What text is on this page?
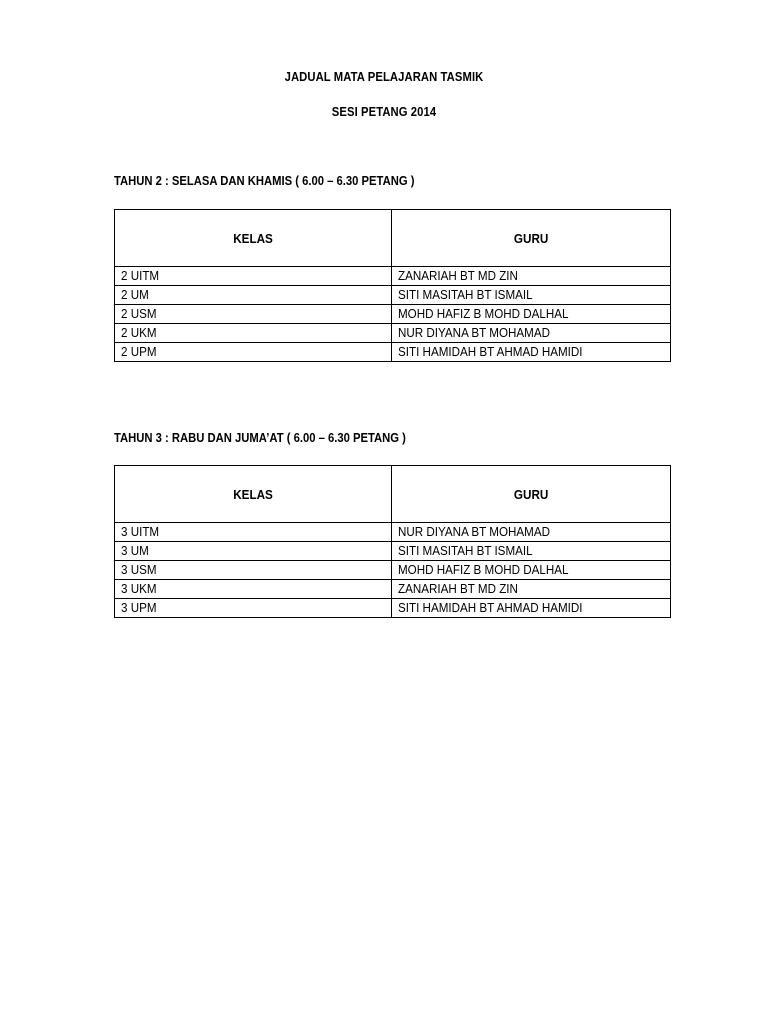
JADUAL MATA PELAJARAN TASMIK
SESI PETANG 2014
TAHUN 2 : SELASA DAN KHAMIS ( 6.00 – 6.30 PETANG )
KELAS	GURU
2 UITM	ZANARIAH BT MD ZIN
2 UM	SITI MASITAH BT ISMAIL
2 USM	MOHD HAFIZ B MOHD DALHAL
2 UKM	NUR DIYANA BT MOHAMAD
2 UPM	SITI HAMIDAH BT AHMAD HAMIDI
TAHUN 3 : RABU DAN JUMA’AT ( 6.00 – 6.30 PETANG )
KELAS	GURU
3 UITM	NUR DIYANA BT MOHAMAD
3 UM	SITI MASITAH BT ISMAIL
3 USM	MOHD HAFIZ B MOHD DALHAL
3 UKM	ZANARIAH BT MD ZIN
3 UPM	SITI HAMIDAH BT AHMAD HAMIDI
